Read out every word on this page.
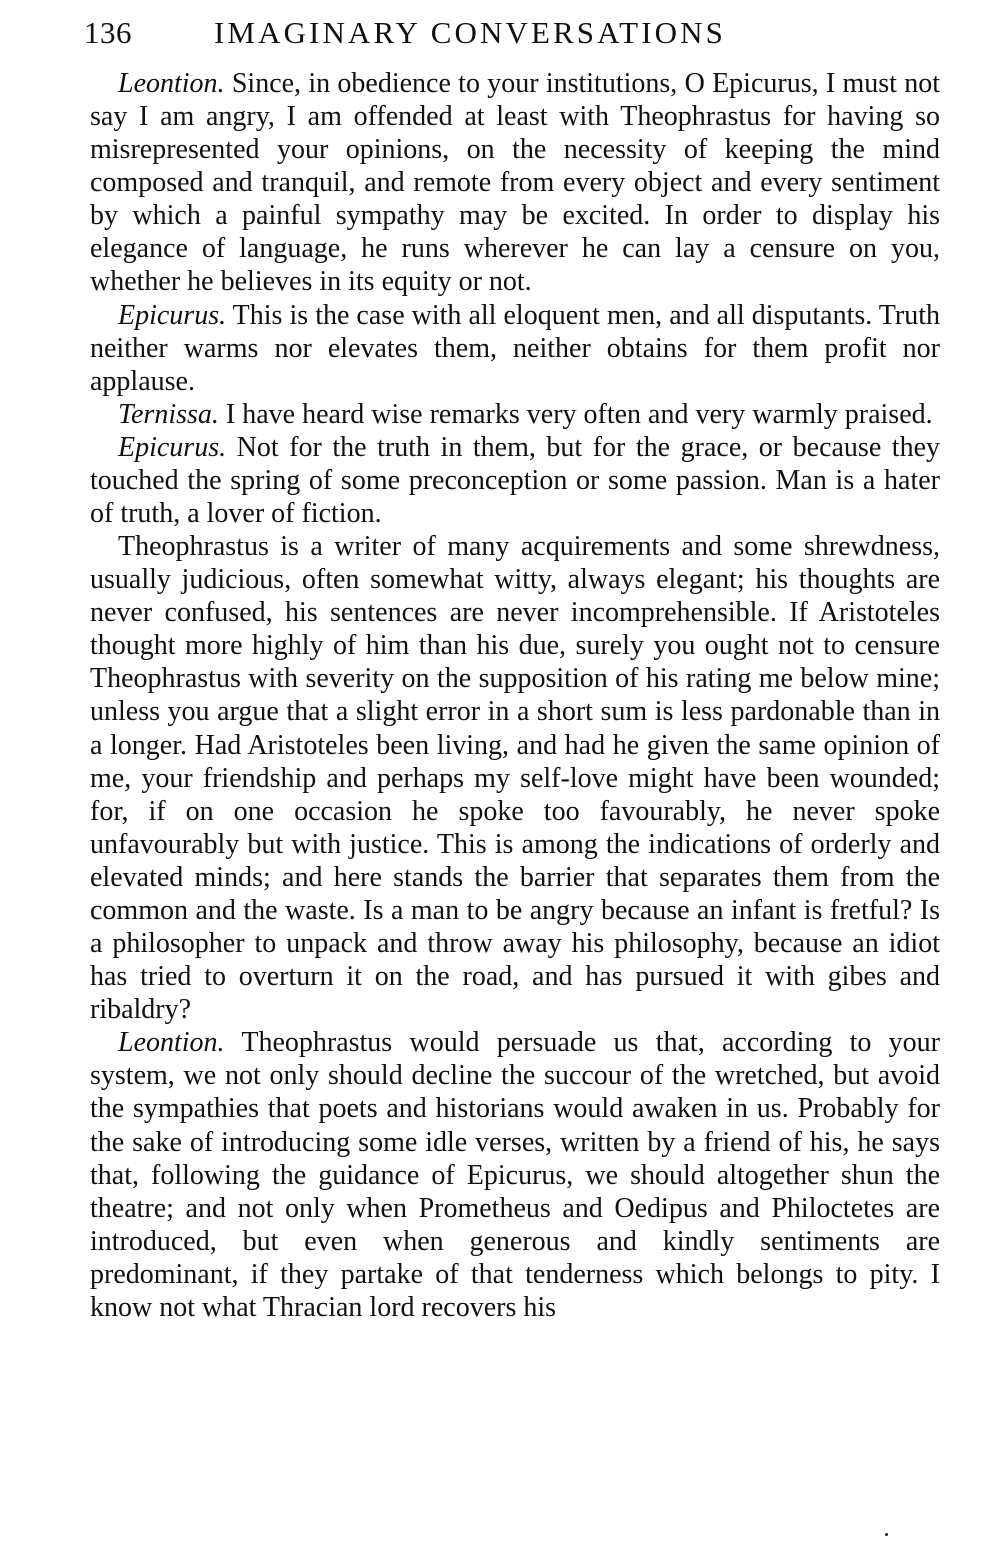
136	IMAGINARY CONVERSATIONS

Leontion. Since, in obedience to your institutions, O Epicurus, I must not say I am angry, I am offended at least with Theophrastus for having so misrepresented your opinions, on the necessity of keeping the mind composed and tranquil, and remote from every object and every sentiment by which a painful sympathy may be excited. In order to display his elegance of language, he runs wherever he can lay a censure on you, whether he believes in its equity or not.

Epicurus. This is the case with all eloquent men, and all disputants. Truth neither warms nor elevates them, neither obtains for them profit nor applause.

Ternissa. I have heard wise remarks very often and very warmly praised.

Epicurus. Not for the truth in them, but for the grace, or because they touched the spring of some preconception or some passion. Man is a hater of truth, a lover of fiction.

Theophrastus is a writer of many acquirements and some shrewdness, usually judicious, often somewhat witty, always elegant; his thoughts are never confused, his sentences are never incomprehensible. If Aristoteles thought more highly of him than his due, surely you ought not to censure Theophrastus with severity on the supposition of his rating me below mine; unless you argue that a slight error in a short sum is less pardonable than in a longer. Had Aristoteles been living, and had he given the same opinion of me, your friendship and perhaps my self-love might have been wounded; for, if on one occasion he spoke too favourably, he never spoke unfavourably but with justice. This is among the indications of orderly and elevated minds; and here stands the barrier that separates them from the common and the waste. Is a man to be angry because an infant is fretful? Is a philosopher to unpack and throw away his philosophy, because an idiot has tried to overturn it on the road, and has pursued it with gibes and ribaldry?

Leontion. Theophrastus would persuade us that, according to your system, we not only should decline the succour of the wretched, but avoid the sympathies that poets and historians would awaken in us. Probably for the sake of introducing some idle verses, written by a friend of his, he says that, following the guidance of Epicurus, we should altogether shun the theatre; and not only when Prometheus and Oedipus and Philoctetes are introduced, but even when generous and kindly sentiments are predominant, if they partake of that tenderness which belongs to pity. I know not what Thracian lord recovers his
